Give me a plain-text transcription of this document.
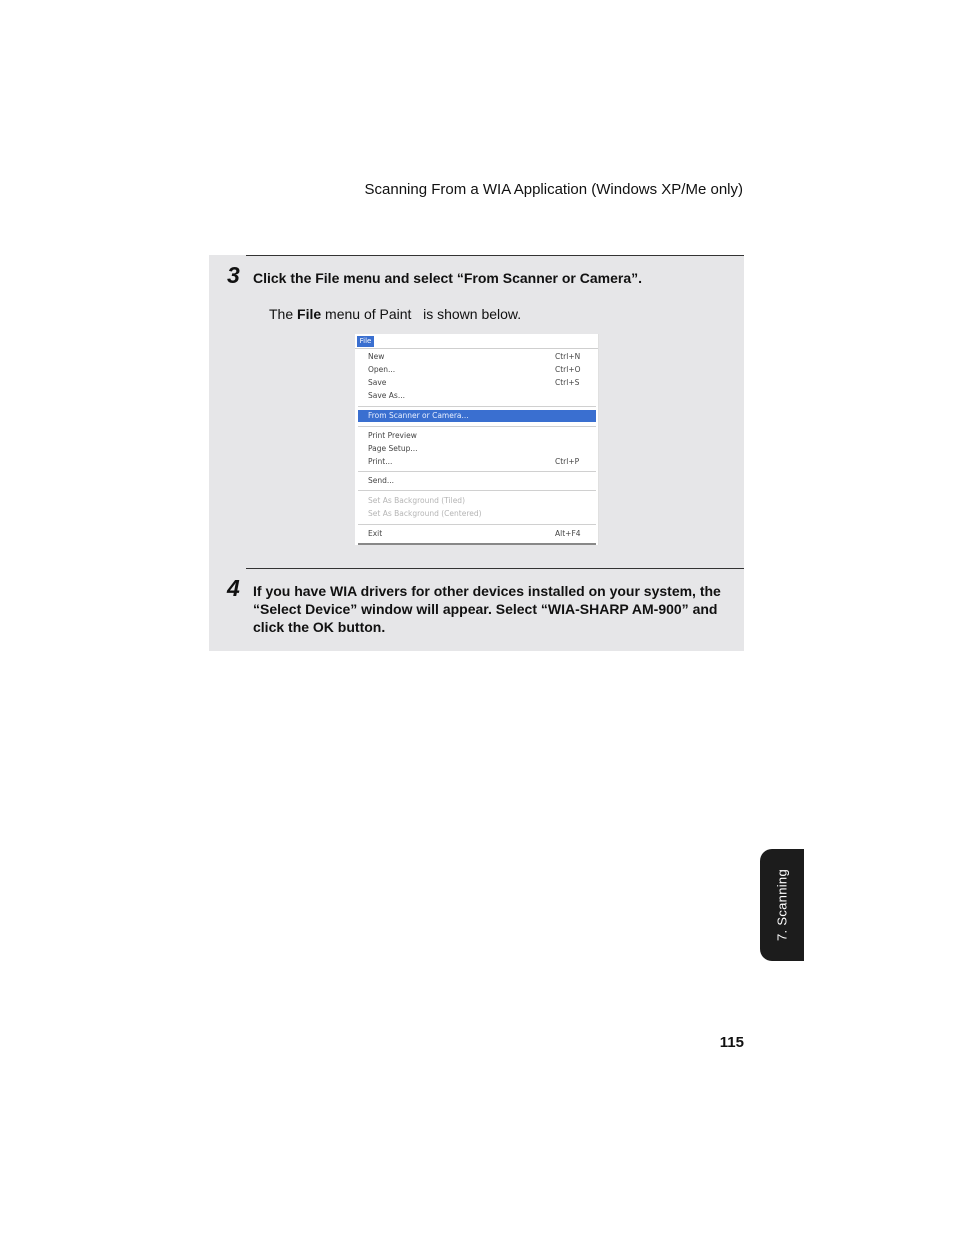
Scanning From a WIA Application (Windows XP/Me only)
3 Click the File menu and select “From Scanner or Camera”.
The File menu of Paint   is shown below.
File
New	Ctrl+N
Open...	Ctrl+O
Save	Ctrl+S
Save As...
From Scanner or Camera...
Print Preview
Page Setup...
Print...	Ctrl+P
Send...
Set As Background (Tiled)
Set As Background (Centered)
Exit	Alt+F4
4 If you have WIA drivers for other devices installed on your system, the “Select Device” window will appear. Select “WIA-SHARP AM-900” and click the OK button.
7. Scanning
115
